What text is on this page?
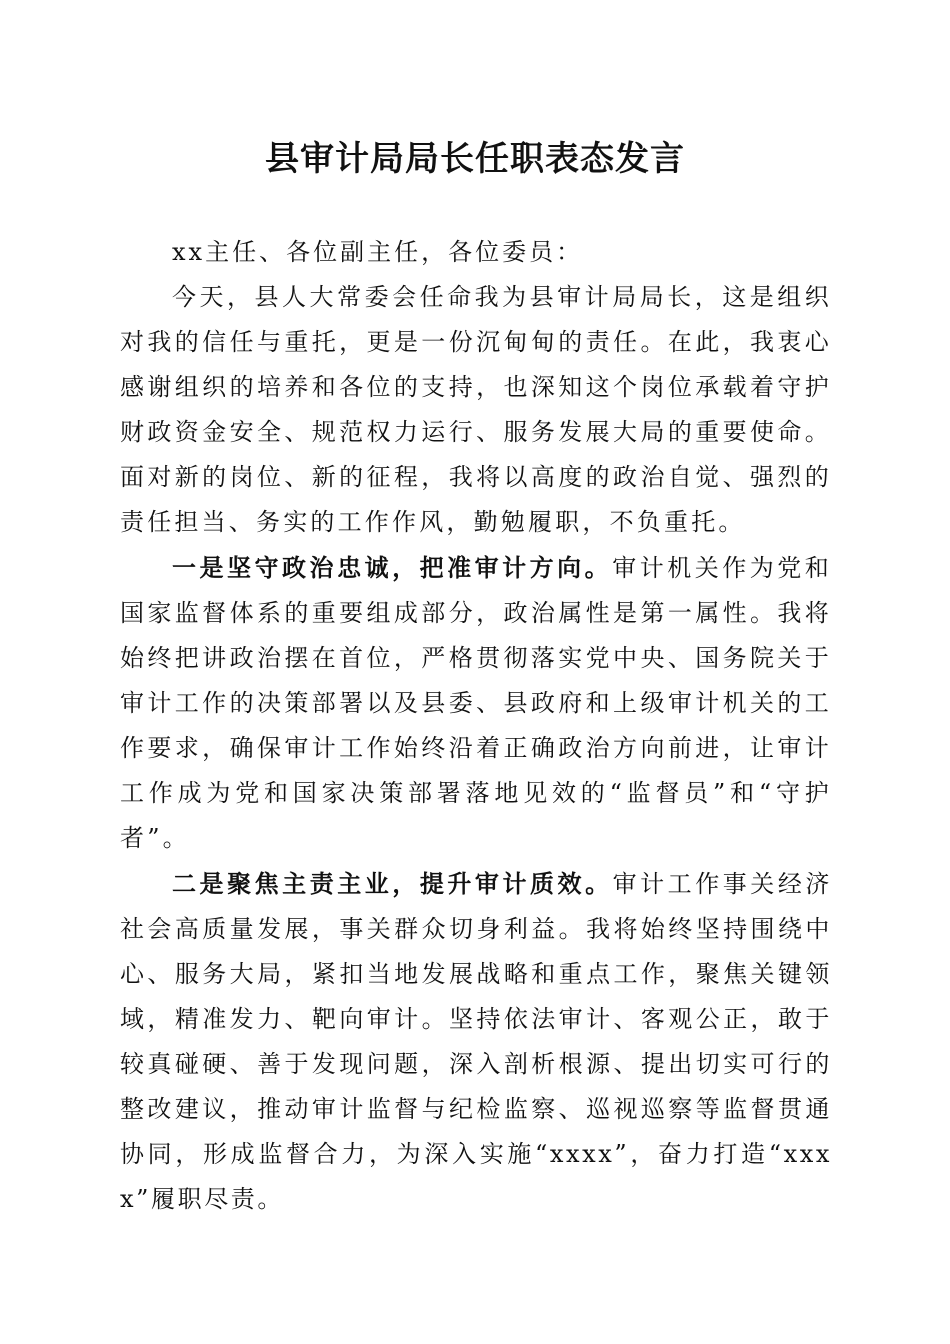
县审计局局长任职表态发言

xx主任、各位副主任，各位委员：

今天，县人大常委会任命我为县审计局局长，这是组织对我的信任与重托，更是一份沉甸甸的责任。在此，我衷心感谢组织的培养和各位的支持，也深知这个岗位承载着守护财政资金安全、规范权力运行、服务发展大局的重要使命。面对新的岗位、新的征程，我将以高度的政治自觉、强烈的责任担当、务实的工作作风，勤勉履职，不负重托。

一是坚守政治忠诚，把准审计方向。审计机关作为党和国家监督体系的重要组成部分，政治属性是第一属性。我将始终把讲政治摆在首位，严格贯彻落实党中央、国务院关于审计工作的决策部署以及县委、县政府和上级审计机关的工作要求，确保审计工作始终沿着正确政治方向前进，让审计工作成为党和国家决策部署落地见效的“监督员”和“守护者”。

二是聚焦主责主业，提升审计质效。审计工作事关经济社会高质量发展，事关群众切身利益。我将始终坚持围绕中心、服务大局，紧扣当地发展战略和重点工作，聚焦关键领域，精准发力、靶向审计。坚持依法审计、客观公正，敢于较真碰硬、善于发现问题，深入剖析根源、提出切实可行的整改建议，推动审计监督与纪检监察、巡视巡察等监督贯通协同，形成监督合力，为深入实施“xxxx”，奋力打造“xxxx”履职尽责。
